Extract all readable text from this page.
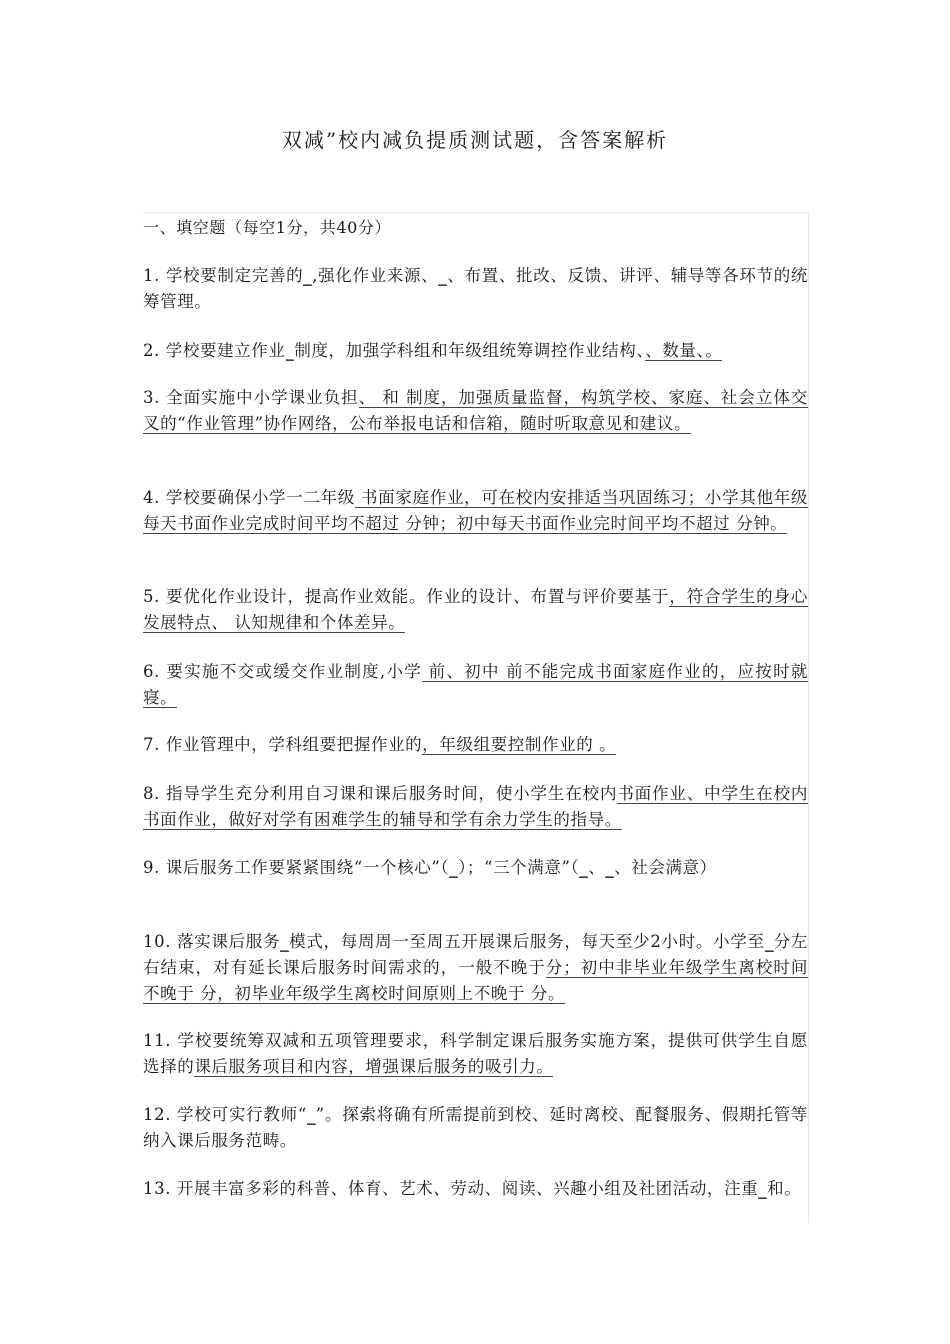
双减”校内减负提质测试题，含答案解析
一、填空题（每空1分，共40分）
1. 学校要制定完善的_,强化作业来源、_、布置、批改、反馈、讲评、辅导等各环节的统筹管理。
2. 学校要建立作业_制度，加强学科组和年级组统筹调控作业结构、、数量、。
3. 全面实施中小学课业负担、 和 制度，加强质量监督，构筑学校、家庭、社会立体交叉的“作业管理”协作网络，公布举报电话和信箱，随时听取意见和建议。
4. 学校要确保小学一二年级 书面家庭作业，可在校内安排适当巩固练习；小学其他年级每天书面作业完成时间平均不超过 分钟；初中每天书面作业完时间平均不超过 分钟。
5. 要优化作业设计，提高作业效能。作业的设计、布置与评价要基于，符合学生的身心发展特点、 认知规律和个体差异。
6. 要实施不交或缓交作业制度,小学 前、初中 前不能完成书面家庭作业的，应按时就寝。
7. 作业管理中，学科组要把握作业的，年级组要控制作业的 。
8. 指导学生充分利用自习课和课后服务时间，使小学生在校内书面作业、中学生在校内 书面作业，做好对学有困难学生的辅导和学有余力学生的指导。
9. 课后服务工作要紧紧围绕“一个核心”（_）；“三个满意”（_、_、社会满意）
10. 落实课后服务_模式，每周周一至周五开展课后服务，每天至少2小时。小学至_分左右结束，对有延长课后服务时间需求的，一般不晚于分；初中非毕业年级学生离校时间不晚于 分，初毕业年级学生离校时间原则上不晚于 分。
11. 学校要统筹双减和五项管理要求，科学制定课后服务实施方案，提供可供学生自愿选择的课后服务项目和内容，增强课后服务的吸引力。
12. 学校可实行教师“_”。探索将确有所需提前到校、延时离校、配餐服务、假期托管等纳入课后服务范畴。
13. 开展丰富多彩的科普、体育、艺术、劳动、阅读、兴趣小组及社团活动，注重_和。
